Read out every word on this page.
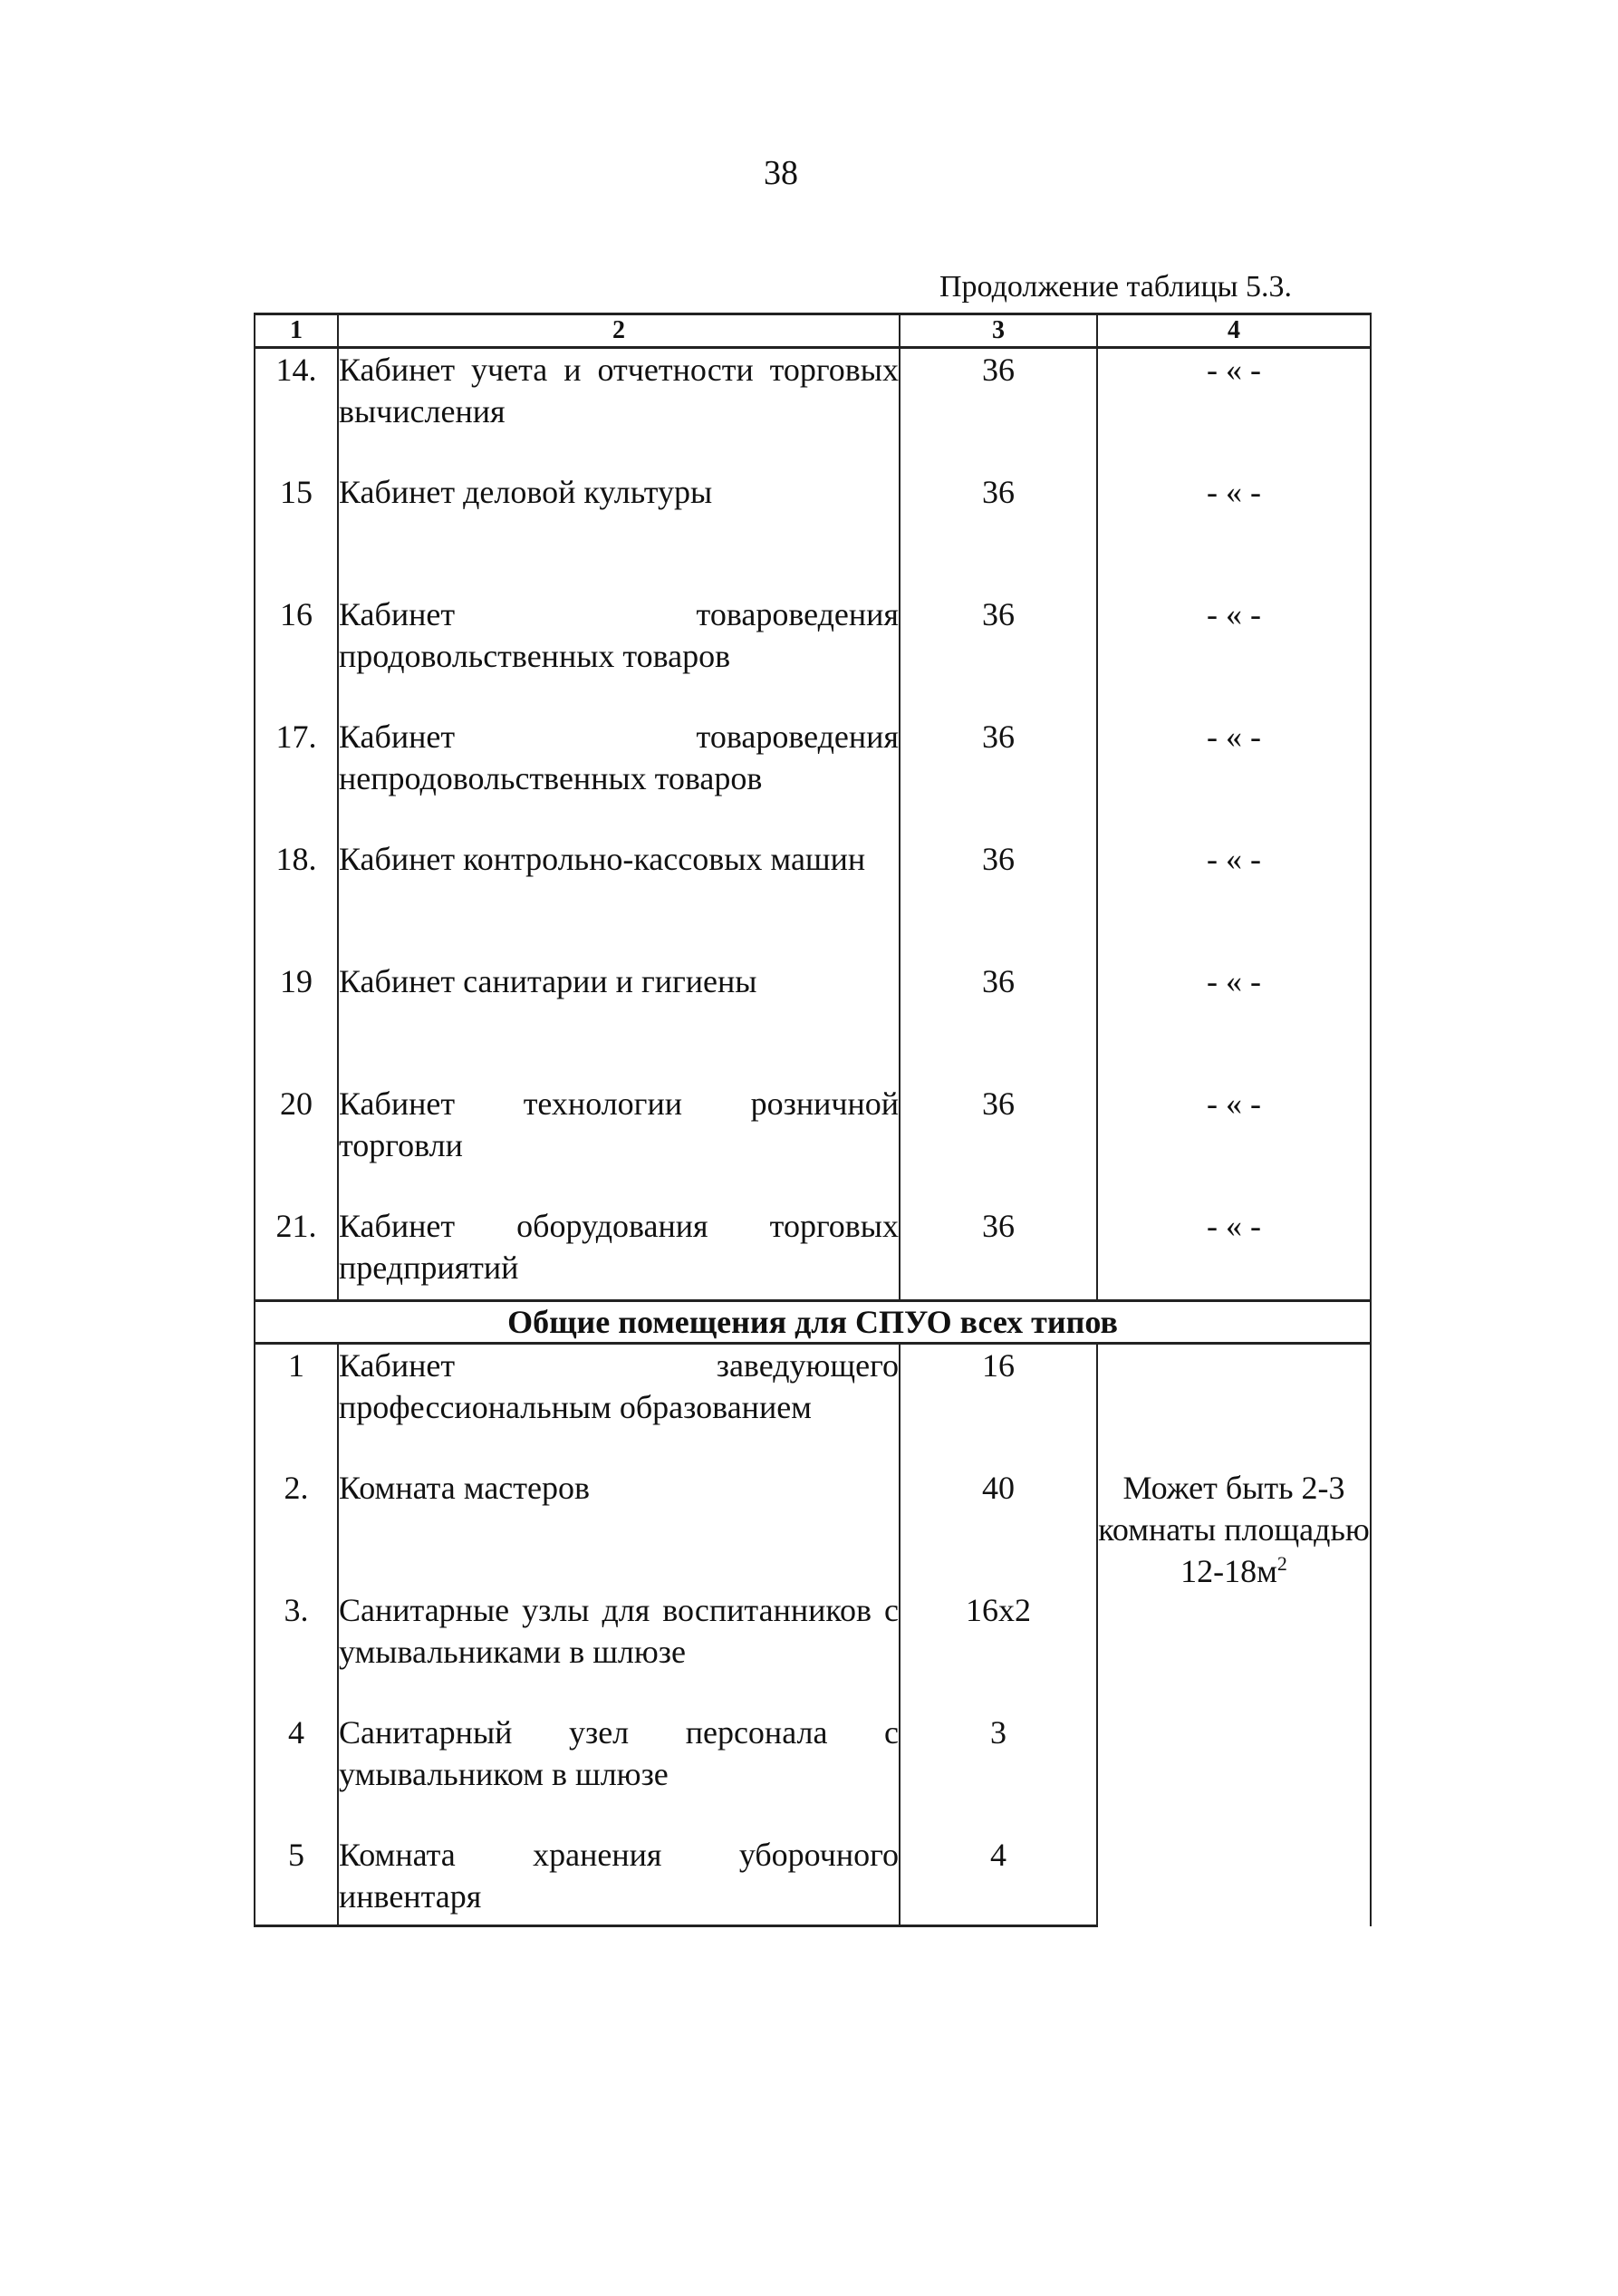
38
Продолжение таблицы 5.3.
1	2	3	4
14.	Кабинет учета и отчетности торговых вычисления	36	- « -
15	Кабинет деловой культуры	36	- « -
16	Кабинет товароведения продовольственных товаров	36	- « -
17.	Кабинет товароведения непродовольственных товаров	36	- « -
18.	Кабинет контрольно-кассовых машин	36	- « -
19	Кабинет санитарии и гигиены	36	- « -
20	Кабинет технологии розничной торговли	36	- « -
21.	Кабинет оборудования торговых предприятий	36	- « -
Общие помещения для СПУО всех типов			
1	Кабинет заведующего профессиональным образованием	16	
2.	Комната мастеров	40	Может быть 2-3 комнаты площадью $12-18м^2$
3.	Санитарные узлы для воспитанников с умывальниками в шлюзе	16х2	
4	Санитарный узел персонала с умывальником в шлюзе	3	
5	Комната хранения уборочного инвентаря	4	
